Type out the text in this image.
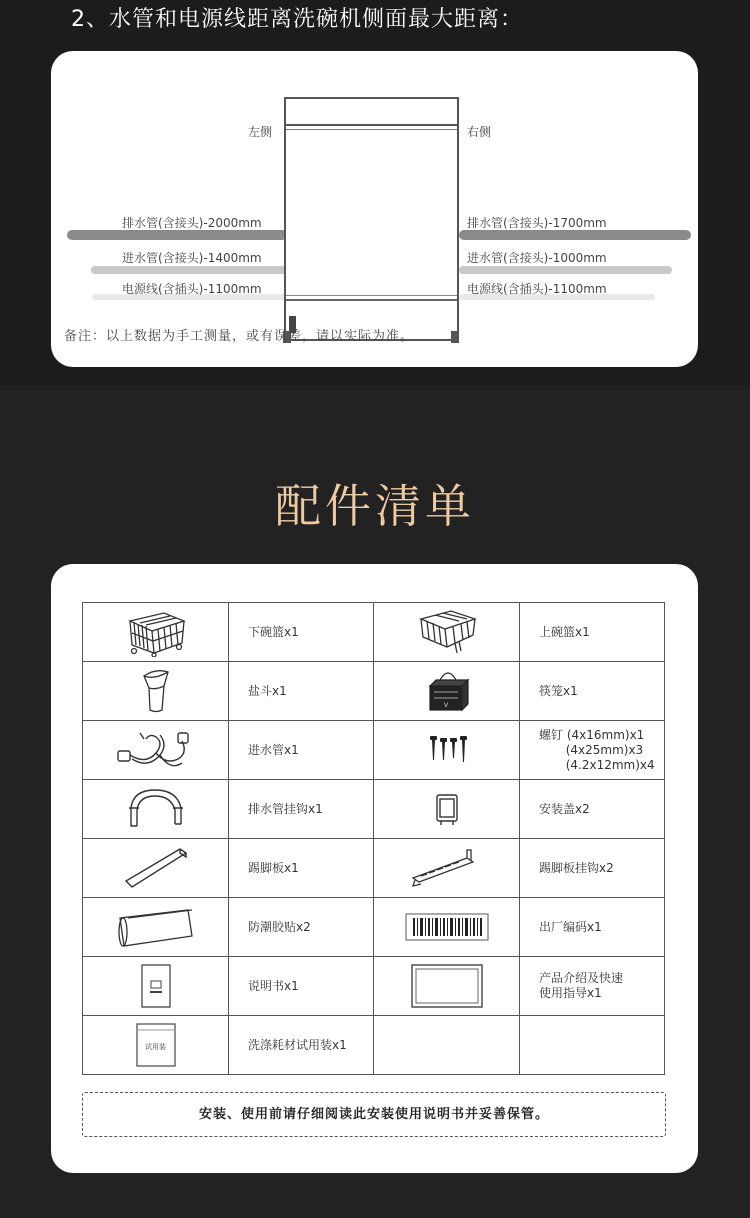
2、水管和电源线距离洗碗机侧面最大距离：
左侧	右侧
排水管(含接头)-2000mm
进水管(含接头)-1400mm
电源线(含插头)-1100mm
排水管(含接头)-1700mm
进水管(含接头)-1000mm
电源线(含插头)-1100mm
备注：以上数据为手工测量，或有误差，请以实际为准。
配件清单
	下碗篮x1		上碗篮x1

	盐斗x1	V	筷笼x1

	进水管x1		螺钉 (4x16mm)x1
(4x25mm)x3
(4.2x12mm)x4

	排水管挂钩x1		安装盖x2

	踢脚板x1		踢脚板挂钩x2

	防潮胶贴x2		出厂编码x1

	说明书x1		产品介绍及快速
使用指导x1

试用装	洗涤耗材试用装x1		
安装、使用前请仔细阅读此安装使用说明书并妥善保管。
